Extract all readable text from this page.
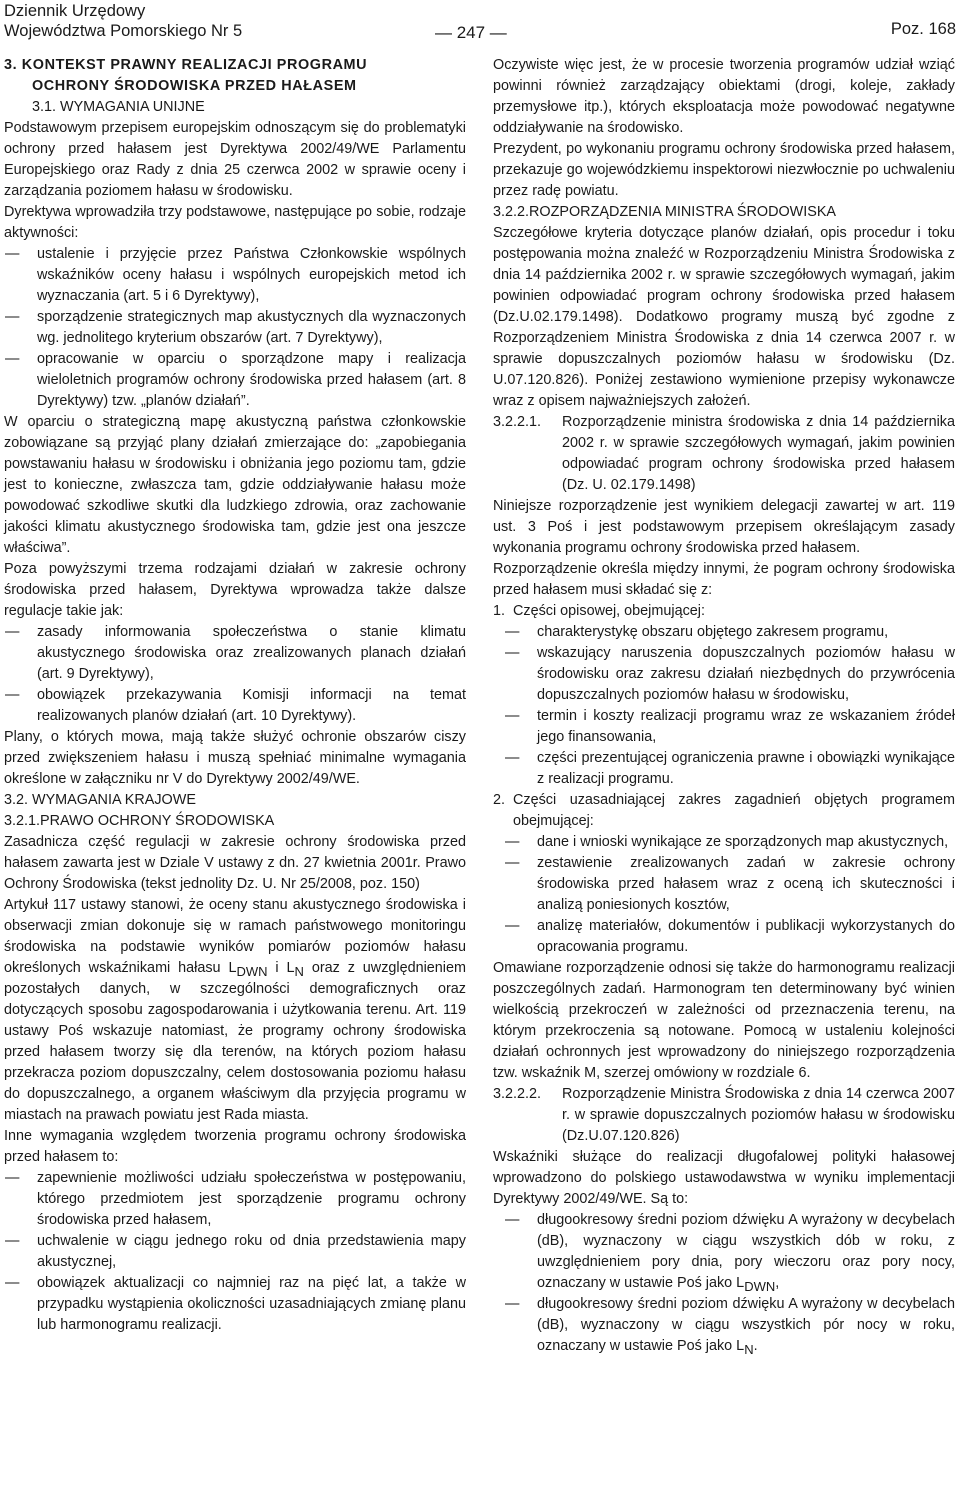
Dziennik Urzędowy
Województwa Pomorskiego Nr 5	— 247 —	Poz. 168
3. KONTEKST PRAWNY REALIZACJI PROGRAMU
OCHRONY ŚRODOWISKA PRZED HAŁASEM
3.1. WYMAGANIA UNIJNE

Podstawowym przepisem europejskim odnoszącym się do problematyki ochrony przed hałasem jest Dyrektywa 2002/49/WE Parlamentu Europejskiego oraz Rady z dnia 25 czerwca 2002 w sprawie oceny i zarządzania poziomem hałasu w środowisku.

Dyrektywa wprowadziła trzy podstawowe, następujące po sobie, rodzaje aktywności:

— ustalenie i przyjęcie przez Państwa Członkowskie wspólnych wskaźników oceny hałasu i wspólnych europejskich metod ich wyznaczania (art. 5 i 6 Dyrektywy),

— sporządzenie strategicznych map akustycznych dla wyznaczonych wg. jednolitego kryterium obszarów (art. 7 Dyrektywy),

— opracowanie w oparciu o sporządzone mapy i realizacja wieloletnich programów ochrony środowiska przed hałasem (art. 8 Dyrektywy) tzw. „planów działań”.

W oparciu o strategiczną mapę akustyczną państwa członkowskie zobowiązane są przyjąć plany działań zmierzające do: „zapobiegania powstawaniu hałasu w środowisku i obniżania jego poziomu tam, gdzie jest to konieczne, zwłaszcza tam, gdzie oddziaływanie hałasu może powodować szkodliwe skutki dla ludzkiego zdrowia, oraz zachowanie jakości klimatu akustycznego środowiska tam, gdzie jest ona jeszcze właściwa”.

Poza powyższymi trzema rodzajami działań w zakresie ochrony środowiska przed hałasem, Dyrektywa wprowadza także dalsze regulacje takie jak:

— zasady informowania społeczeństwa o stanie klimatu akustycznego środowiska oraz zrealizowanych planach działań (art. 9 Dyrektywy),

— obowiązek przekazywania Komisji informacji na temat realizowanych planów działań (art. 10 Dyrektywy).

Plany, o których mowa, mają także służyć ochronie obszarów ciszy przed zwiększeniem hałasu i muszą spełniać minimalne wymagania określone w załączniku nr V do Dyrektywy 2002/49/WE.

3.2. WYMAGANIA KRAJOWE
3.2.1.PRAWO OCHRONY ŚRODOWISKA

Zasadnicza część regulacji w zakresie ochrony środowiska przed hałasem zawarta jest w Dziale V ustawy z dn. 27 kwietnia 2001r. Prawo Ochrony Środowiska (tekst jednolity Dz. U. Nr 25/2008, poz. 150)

Artykuł 117 ustawy stanowi, że oceny stanu akustycznego środowiska i obserwacji zmian dokonuje się w ramach państwowego monitoringu środowiska na podstawie wyników pomiarów poziomów hałasu określonych wskaźnikami hałasu LDWN i LN oraz z uwzględnieniem pozostałych danych, w szczególności demograficznych oraz dotyczących sposobu zagospodarowania i użytkowania terenu. Art. 119 ustawy Poś wskazuje natomiast, że programy ochrony środowiska przed hałasem tworzy się dla terenów, na których poziom hałasu przekracza poziom dopuszczalny, celem dostosowania poziomu hałasu do dopuszczalnego, a organem właściwym dla przyjęcia programu w miastach na prawach powiatu jest Rada miasta.

Inne wymagania względem tworzenia programu ochrony środowiska przed hałasem to:

— zapewnienie możliwości udziału społeczeństwa w postępowaniu, którego przedmiotem jest sporządzenie programu ochrony środowiska przed hałasem,

— uchwalenie w ciągu jednego roku od dnia przedstawienia mapy akustycznej,

— obowiązek aktualizacji co najmniej raz na pięć lat, a także w przypadku wystąpienia okoliczności uzasadniających zmianę planu lub harmonogramu realizacji.

Oczywiste więc jest, że w procesie tworzenia programów udział wziąć powinni również zarządzający obiektami (drogi, koleje, zakłady przemysłowe itp.), których eksploatacja może powodować negatywne oddziaływanie na środowisko.

Prezydent, po wykonaniu programu ochrony środowiska przed hałasem, przekazuje go wojewódzkiemu inspektorowi niezwłocznie po uchwaleniu przez radę powiatu.

3.2.2.ROZPORZĄDZENIA MINISTRA ŚRODOWISKA

Szczegółowe kryteria dotyczące planów działań, opis procedur i toku postępowania można znaleźć w Rozporządzeniu Ministra Środowiska z dnia 14 października 2002 r. w sprawie szczegółowych wymagań, jakim powinien odpowiadać program ochrony środowiska przed hałasem (Dz.U.02.179.1498). Dodatkowo programy muszą być zgodne z Rozporządzeniem Ministra Środowiska z dnia 14 czerwca 2007 r. w sprawie dopuszczalnych poziomów hałasu w środowisku (Dz. U.07.120.826). Poniżej zestawiono wymienione przepisy wykonawcze wraz z opisem najważniejszych założeń.

3.2.2.1. Rozporządzenie ministra środowiska z dnia 14 października 2002 r. w sprawie szczegółowych wymagań, jakim powinien odpowiadać program ochrony środowiska przed hałasem (Dz. U. 02.179.1498)

Niniejsze rozporządzenie jest wynikiem delegacji zawartej w art. 119 ust. 3 Poś i jest podstawowym przepisem określającym zasady wykonania programu ochrony środowiska przed hałasem.

Rozporządzenie określa między innymi, że pogram ochrony środowiska przed hałasem musi składać się z:

1. Części opisowej, obejmującej:

— charakterystykę obszaru objętego zakresem programu,

— wskazujący naruszenia dopuszczalnych poziomów hałasu w środowisku oraz zakresu działań niezbędnych do przywrócenia dopuszczalnych poziomów hałasu w środowisku,

— termin i koszty realizacji programu wraz ze wskazaniem źródeł jego finansowania,

— części prezentującej ograniczenia prawne i obowiązki wynikające z realizacji programu.

2. Części uzasadniającej zakres zagadnień objętych programem obejmującej:

— dane i wnioski wynikające ze sporządzonych map akustycznych,

— zestawienie zrealizowanych zadań w zakresie ochrony środowiska przed hałasem wraz z oceną ich skuteczności i analizą poniesionych kosztów,

— analizę materiałów, dokumentów i publikacji wykorzystanych do opracowania programu.

Omawiane rozporządzenie odnosi się także do harmonogramu realizacji poszczególnych zadań. Harmonogram ten determinowany być winien wielkością przekroczeń w zależności od przeznaczenia terenu, na którym przekroczenia są notowane. Pomocą w ustaleniu kolejności działań ochronnych jest wprowadzony do niniejszego rozporządzenia tzw. wskaźnik M, szerzej omówiony w rozdziale 6.

3.2.2.2. Rozporządzenie Ministra Środowiska z dnia 14 czerwca 2007 r. w sprawie dopuszczalnych poziomów hałasu w środowisku (Dz.U.07.120.826)

Wskaźniki służące do realizacji długofalowej polityki hałasowej wprowadzono do polskiego ustawodawstwa w wyniku implementacji Dyrektywy 2002/49/WE. Są to:

— długookresowy średni poziom dźwięku A wyrażony w decybelach (dB), wyznaczony w ciągu wszystkich dób w roku, z uwzględnieniem pory dnia, pory wieczoru oraz pory nocy, oznaczany w ustawie Poś jako LDWN,

— długookresowy średni poziom dźwięku A wyrażony w decybelach (dB), wyznaczony w ciągu wszystkich pór nocy w roku, oznaczany w ustawie Poś jako LN.
